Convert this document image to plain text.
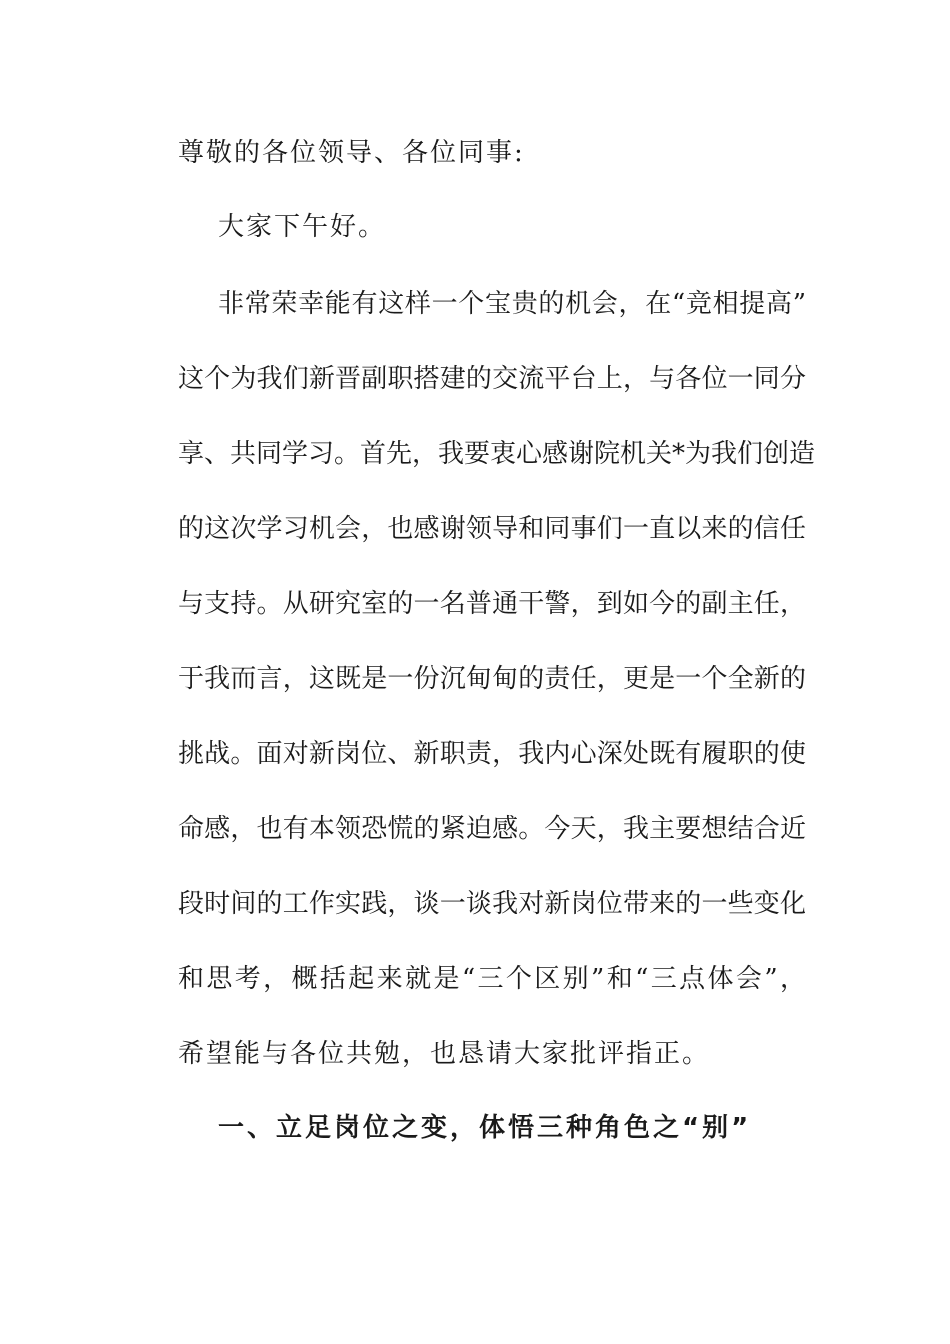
尊敬的各位领导、各位同事:
大家下午好。
非常荣幸能有这样一个宝贵的机会，在“竞相提高”
这个为我们新晋副职搭建的交流平台上，与各位一同分
享、共同学习。首先，我要衷心感谢院机关*为我们创造
的这次学习机会，也感谢领导和同事们一直以来的信任
与支持。从研究室的一名普通干警，到如今的副主任，
于我而言，这既是一份沉甸甸的责任，更是一个全新的
挑战。面对新岗位、新职责，我内心深处既有履职的使
命感，也有本领恐慌的紧迫感。今天，我主要想结合近
段时间的工作实践，谈一谈我对新岗位带来的一些变化
和思考，概括起来就是“三个区别”和“三点体会”，
希望能与各位共勉，也恳请大家批评指正。
一、立足岗位之变，体悟三种角色之“别”
